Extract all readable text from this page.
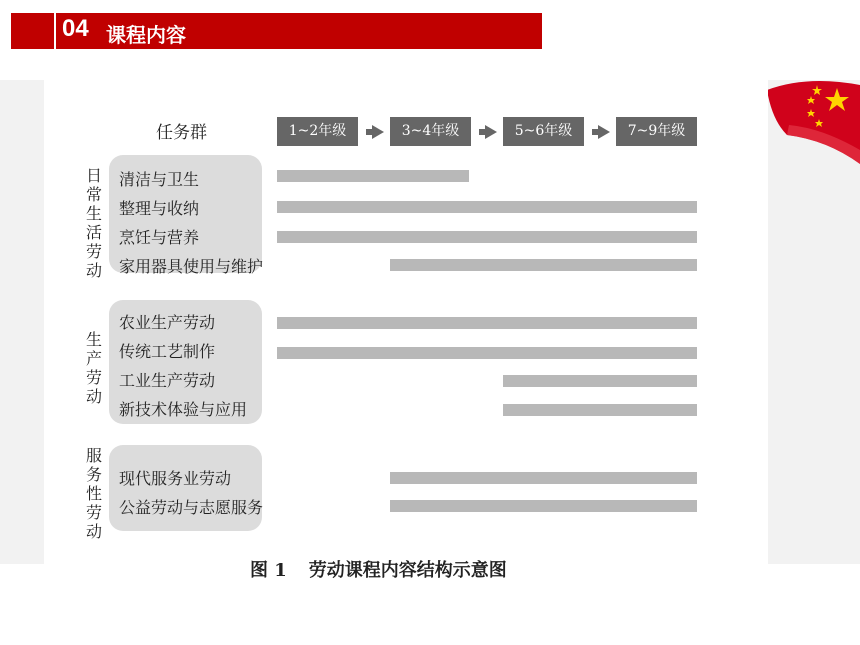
04 课程内容
任务群	1~2年级	3~4年级	5~6年级	7~9年级
日常生活劳动
清洁与卫生
整理与收纳
烹饪与营养
家用器具使用与维护
生产劳动
农业生产劳动
传统工艺制作
工业生产劳动
新技术体验与应用
服务性劳动
现代服务业劳动
公益劳动与志愿服务
图 1 劳动课程内容结构示意图
